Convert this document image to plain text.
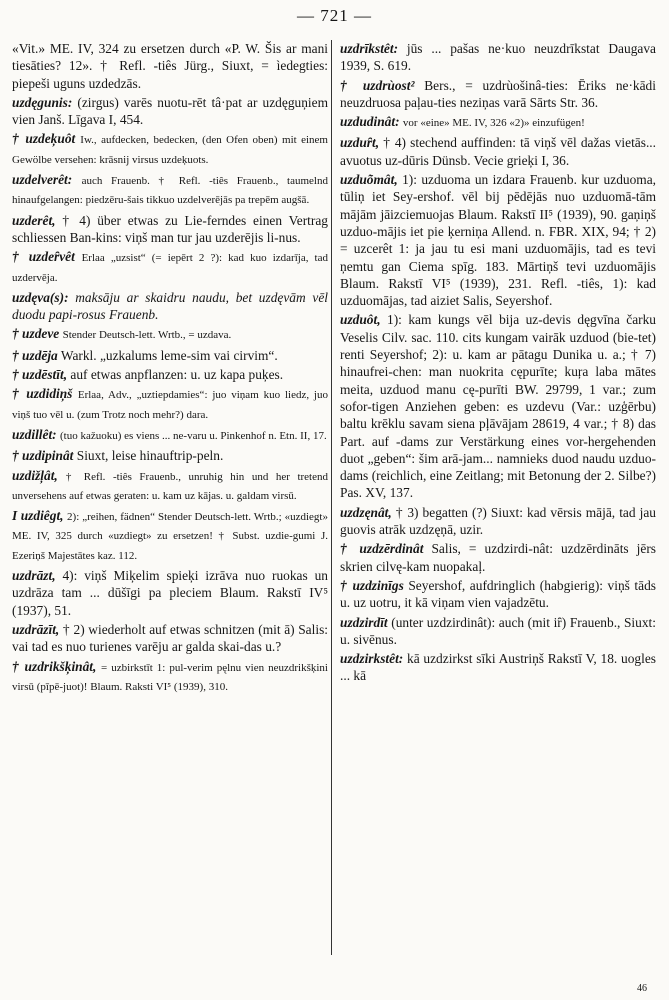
— 721 —

«Vit.» ME. IV, 324 zu ersetzen durch «P. W. Šis ar mani tiesāties? 12». † Refl. -tiês Jürg., Siuxt, = ìedegties: piepeši uguns uzdedzās.

uzdęgunis: (zirgus) varēs nuotu-rēt tâ·pat ar uzdęguņiem vien Janš. Līgava I, 454.

† uzdeķuôt Iw., aufdecken, bedecken, (den Ofen oben) mit einem Gewölbe versehen: krāsnij virsus uzdeķuots.

uzdelverêt: auch Frauenb. † Refl. -tiês Frauenb., taumelnd hinaufgelangen: piedzēru-šais tikkuo uzdelverējās pa trepēm augšā.

uzderêt, † 4) über etwas zu Lie-ferndes einen Vertrag schliessen Ban-kins: viņš man tur jau uzderējis li-nus.

† uzdeȓvêt Erlaa „uzsist“ (= iepērt 2 ?): kad kuo izdarīja, tad uzdervēja.

uzdęva(s): maksāju ar skaidru naudu, bet uzdęvām vēl duodu papi-rosus Frauenb.

† uzdeve Stender Deutsch-lett. Wrtb., = uzdava.

† uzdēja Warkl. „uzkalums leme-sim vai cirvim“.

† uzdēstīt, auf etwas anpflanzen: u. uz kapa puķes.

† uzdidiņš Erlaa, Adv., „uztiepdamies“: juo viņam kuo liedz, juo viņš tuo vēl u. (zum Trotz noch mehr?) dara.

uzdillêt: (tuo kažuoku) es viens ... ne-varu u. Pinkenhof n. Etn. II, 17.

† uzdipinât Siuxt, leise hinauftrip-peln.

uzdižļât, † Refl. -tiês Frauenb., unruhig hin und her tretend unversehens auf etwas geraten: u. kam uz kājas. u. galdam virsū.

I uzdiêgt, 2): „reihen, fädnen“ Stender Deutsch-lett. Wrtb.; «uzdiegt» ME. IV, 325 durch «uzdiegt» zu ersetzen! † Subst. uzdie-gumi J. Ezeriņš Majestātes kaz. 112.

uzdrāzt, 4): viņš Miķelim spieķi izrāva nuo ruokas un uzdrāza tam ... dūšīgi pa pleciem Blaum. Rakstī IV⁵ (1937), 51.

uzdrāzīt, † 2) wiederholt auf etwas schnitzen (mit ā) Salis: vai tad es nuo turienes varēju ar galda skai-das u.?

† uzdrikšķinât, = uzbirkstīt 1: pul-verim pęlnu vien neuzdrikšķini virsū (pīpē-juot)! Blaum. Raksti VI⁵ (1939), 310.

uzdrīkstêt: jūs ... pašas ne·kuo neuzdrīkstat Daugava 1939, S. 619.

† uzdrùost² Bers., = uzdrùošinâ-ties: Ēriks ne·kādi neuzdruosa paļau-ties neziņas varā Sārts Str. 36.

uzdudinât: vor «eine» ME. IV, 326 «2)» einzufügen!

uzduȓt, † 4) stechend auffinden: tā viņš vēl dažas vietās... avuotus uz-dūris Dünsb. Vecie grieķi I, 36.

uzduõmât, 1): uzduoma un izdara Frauenb. kur uzduoma, tūliņ iet Sey-ershof. vēl bij pēdējās nuo uzduomā-tām mājām jāizciemuojas Blaum. Rakstī II⁵ (1939), 90. gaņiņš uzduo-mājis iet pie ķerniņa Allend. n. FBR. XIX, 94; † 2) = uzcerêt 1: ja jau tu esi mani uzduomājis, tad es tevi ņemtu gan Ciema spīg. 183. Mārtiņš tevi uzduomājis Blaum. Rakstī VI⁵ (1939), 231. Refl. -tiês, 1): kad uzduomājas, tad aiziet Salis, Seyershof.

uzduôt, 1): kam kungs vēl bija uz-devis dęgvīna čarku Veselis Cilv. sac. 110. cits kungam vairāk uzduod (bie-tet) renti Seyershof; 2): u. kam ar pātagu Dunika u. a.; † 7) hinaufrei-chen: man nuokrita cępurīte; kuŗa laba mātes meita, uzduod manu cę-purīti BW. 29799, 1 var.; zum sofor-tigen Anziehen geben: es uzdevu (Var.: uzģērbu) baltu krēklu savam siena pļāvājam 28619, 4 var.; † 8) das Part. auf -dams zur Verstärkung eines vor-hergehenden duot „geben“: šim arā-jam... namnieks duod naudu uzduo-dams (reichlich, eine Zeitlang; mit Betonung der 2. Silbe?) Pas. XV, 137.

uzdzęnât, † 3) begatten (?) Siuxt: kad vērsis mājā, tad jau guovis atrāk uzdzęņā, uzir.

† uzdzērdinât Salis, = uzdzirdi-nât: uzdzērdināts jērs skrien cilvę-kam nuopakaļ.

† uzdzinīgs Seyershof, aufdringlich (habgierig): viņš tāds u. uz uotru, it kā viņam vien vajadzētu.

uzdzirdīt (unter uzdzirdinât): auch (mit iȓ) Frauenb., Siuxt: u. sivēnus.

uzdzirkstêt: kā uzdzirkst sīki Austriņš Rakstī V, 18. uogles ... kā

46
